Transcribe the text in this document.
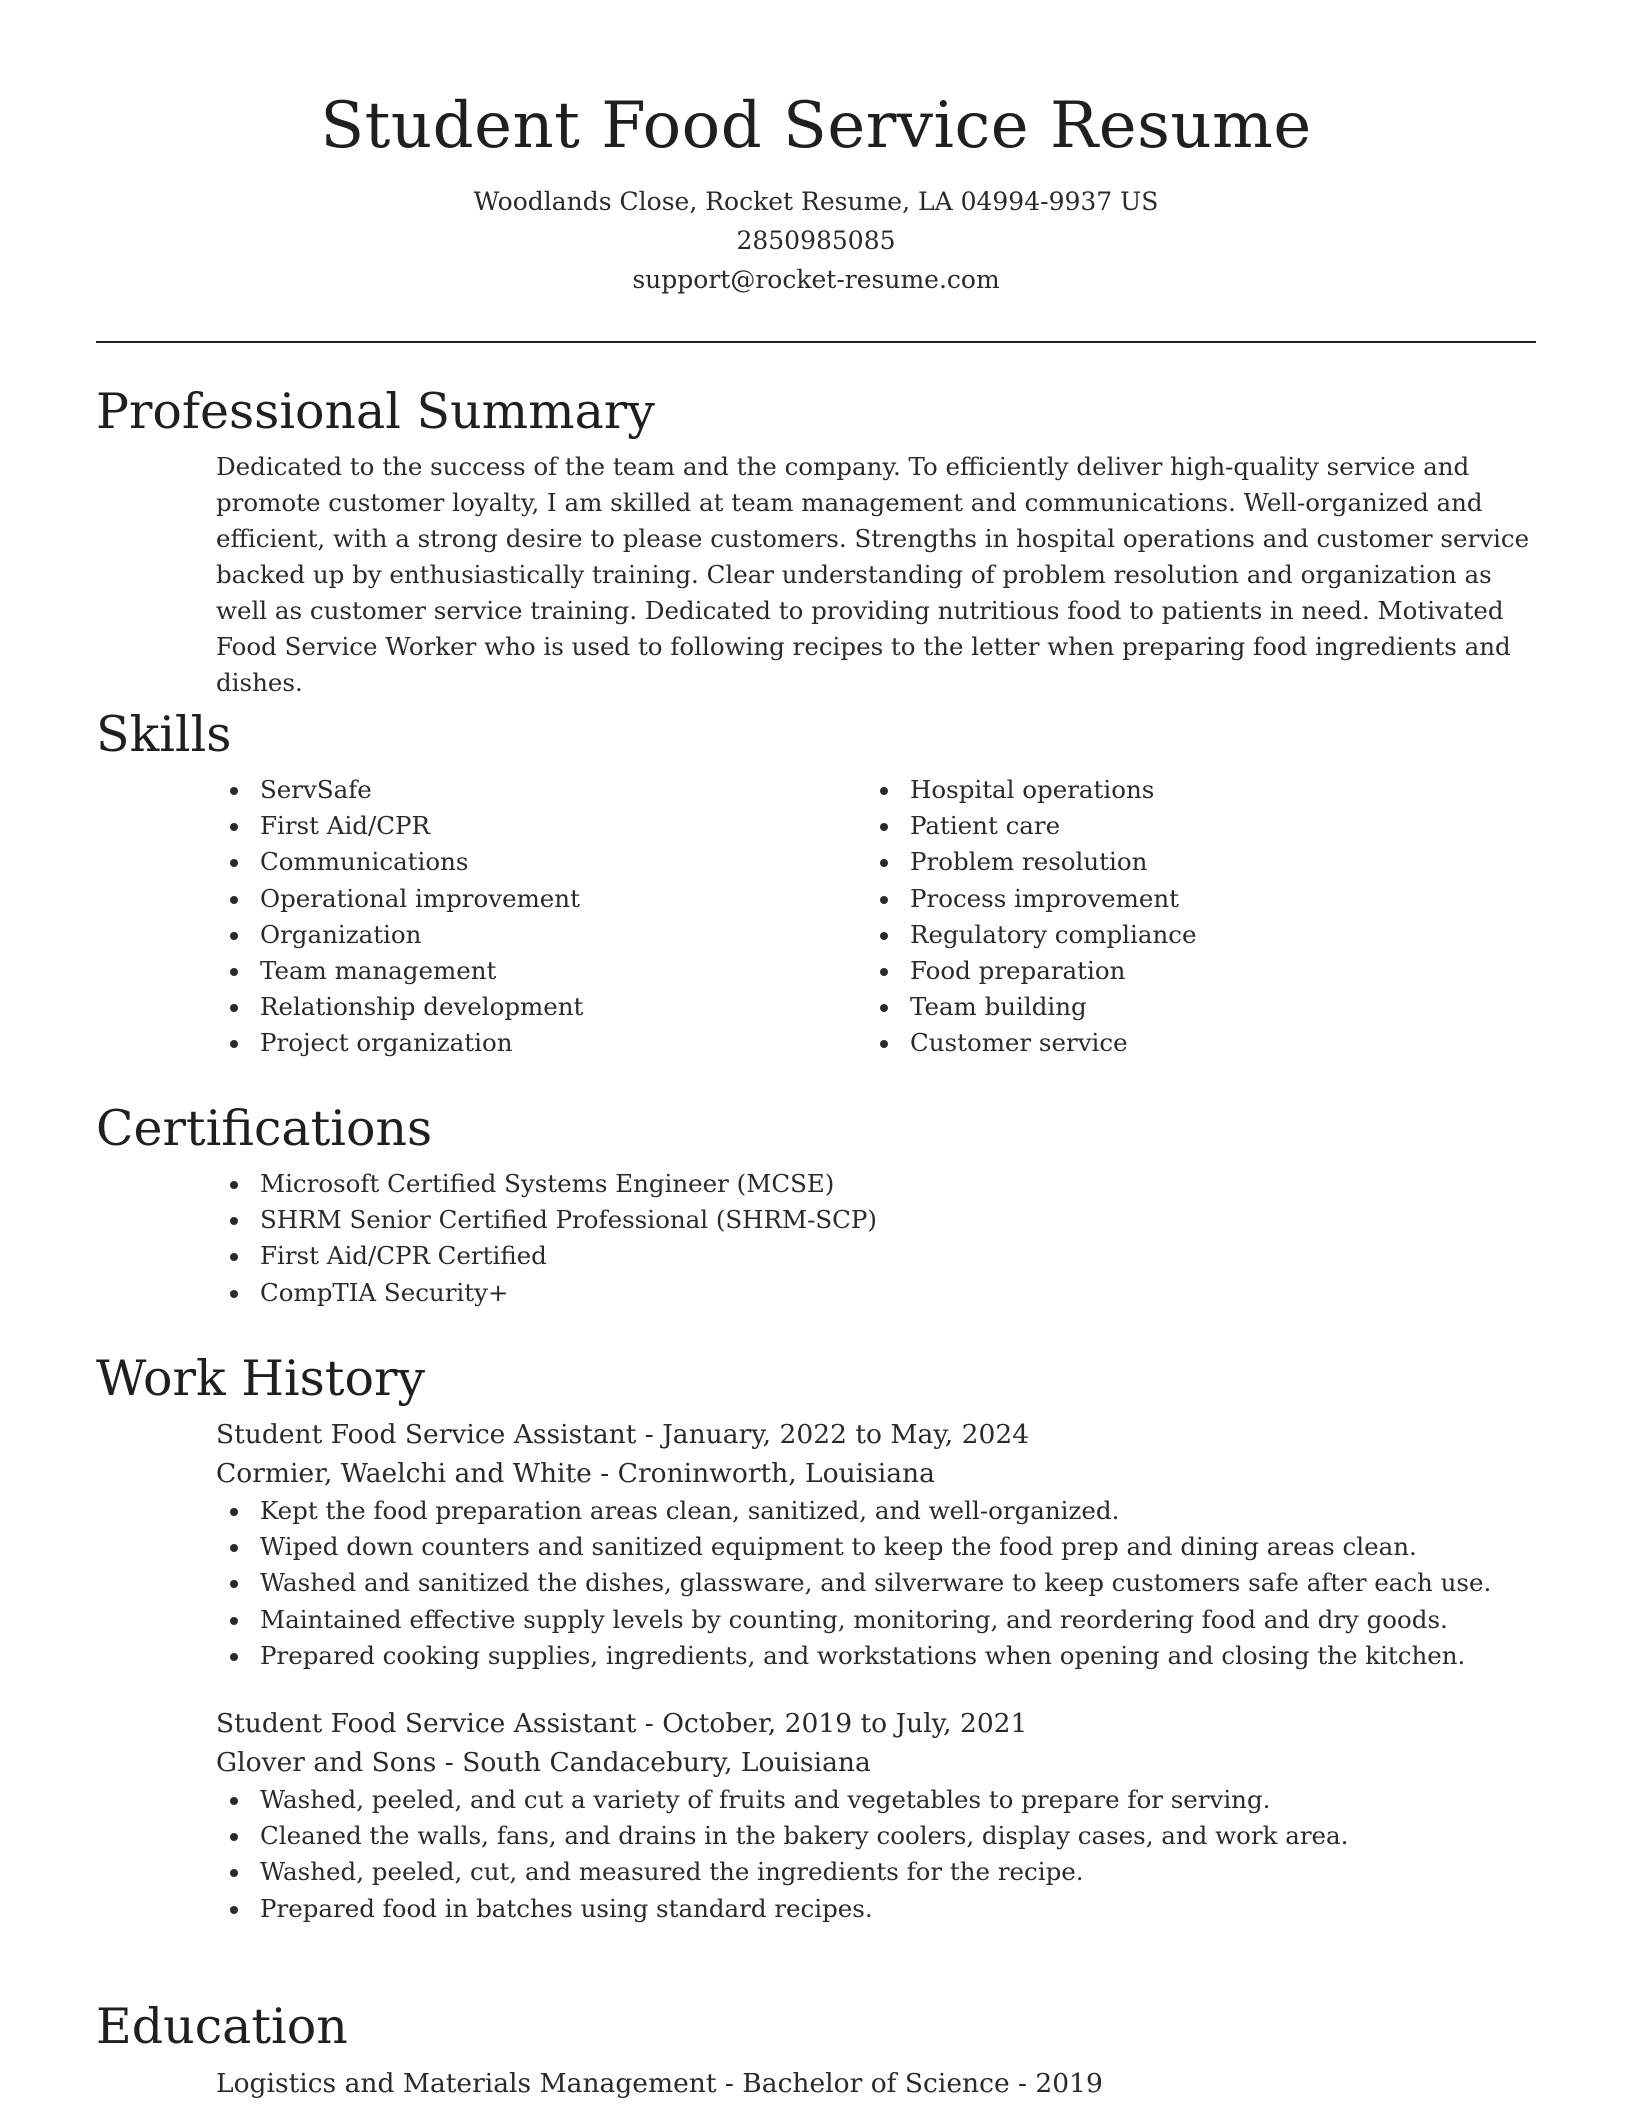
Student Food Service Resume

Woodlands Close, Rocket Resume, LA 04994-9937 US

2850985085

support@rocket-resume.com

Professional Summary

Dedicated to the success of the team and the company. To efficiently deliver high-quality service and promote customer loyalty, I am skilled at team management and communications. Well-organized and efficient, with a strong desire to please customers. Strengths in hospital operations and customer service backed up by enthusiastically training. Clear understanding of problem resolution and organization as well as customer service training. Dedicated to providing nutritious food to patients in need. Motivated Food Service Worker who is used to following recipes to the letter when preparing food ingredients and dishes.

Skills
ServSafe
First Aid/CPR
Communications
Operational improvement
Organization
Team management
Relationship development
Project organization
Hospital operations
Patient care
Problem resolution
Process improvement
Regulatory compliance
Food preparation
Team building
Customer service
Certifications
Microsoft Certified Systems Engineer (MCSE)
SHRM Senior Certified Professional (SHRM-SCP)
First Aid/CPR Certified
CompTIA Security+
Work History

Student Food Service Assistant - January, 2022 to May, 2024

Cormier, Waelchi and White - Croninworth, Louisiana

Kept the food preparation areas clean, sanitized, and well-organized.
Wiped down counters and sanitized equipment to keep the food prep and dining areas clean.
Washed and sanitized the dishes, glassware, and silverware to keep customers safe after each use.
Maintained effective supply levels by counting, monitoring, and reordering food and dry goods.
Prepared cooking supplies, ingredients, and workstations when opening and closing the kitchen.

Student Food Service Assistant - October, 2019 to July, 2021

Glover and Sons - South Candacebury, Louisiana

Washed, peeled, and cut a variety of fruits and vegetables to prepare for serving.
Cleaned the walls, fans, and drains in the bakery coolers, display cases, and work area.
Washed, peeled, cut, and measured the ingredients for the recipe.
Prepared food in batches using standard recipes.
Education

Logistics and Materials Management - Bachelor of Science - 2019
